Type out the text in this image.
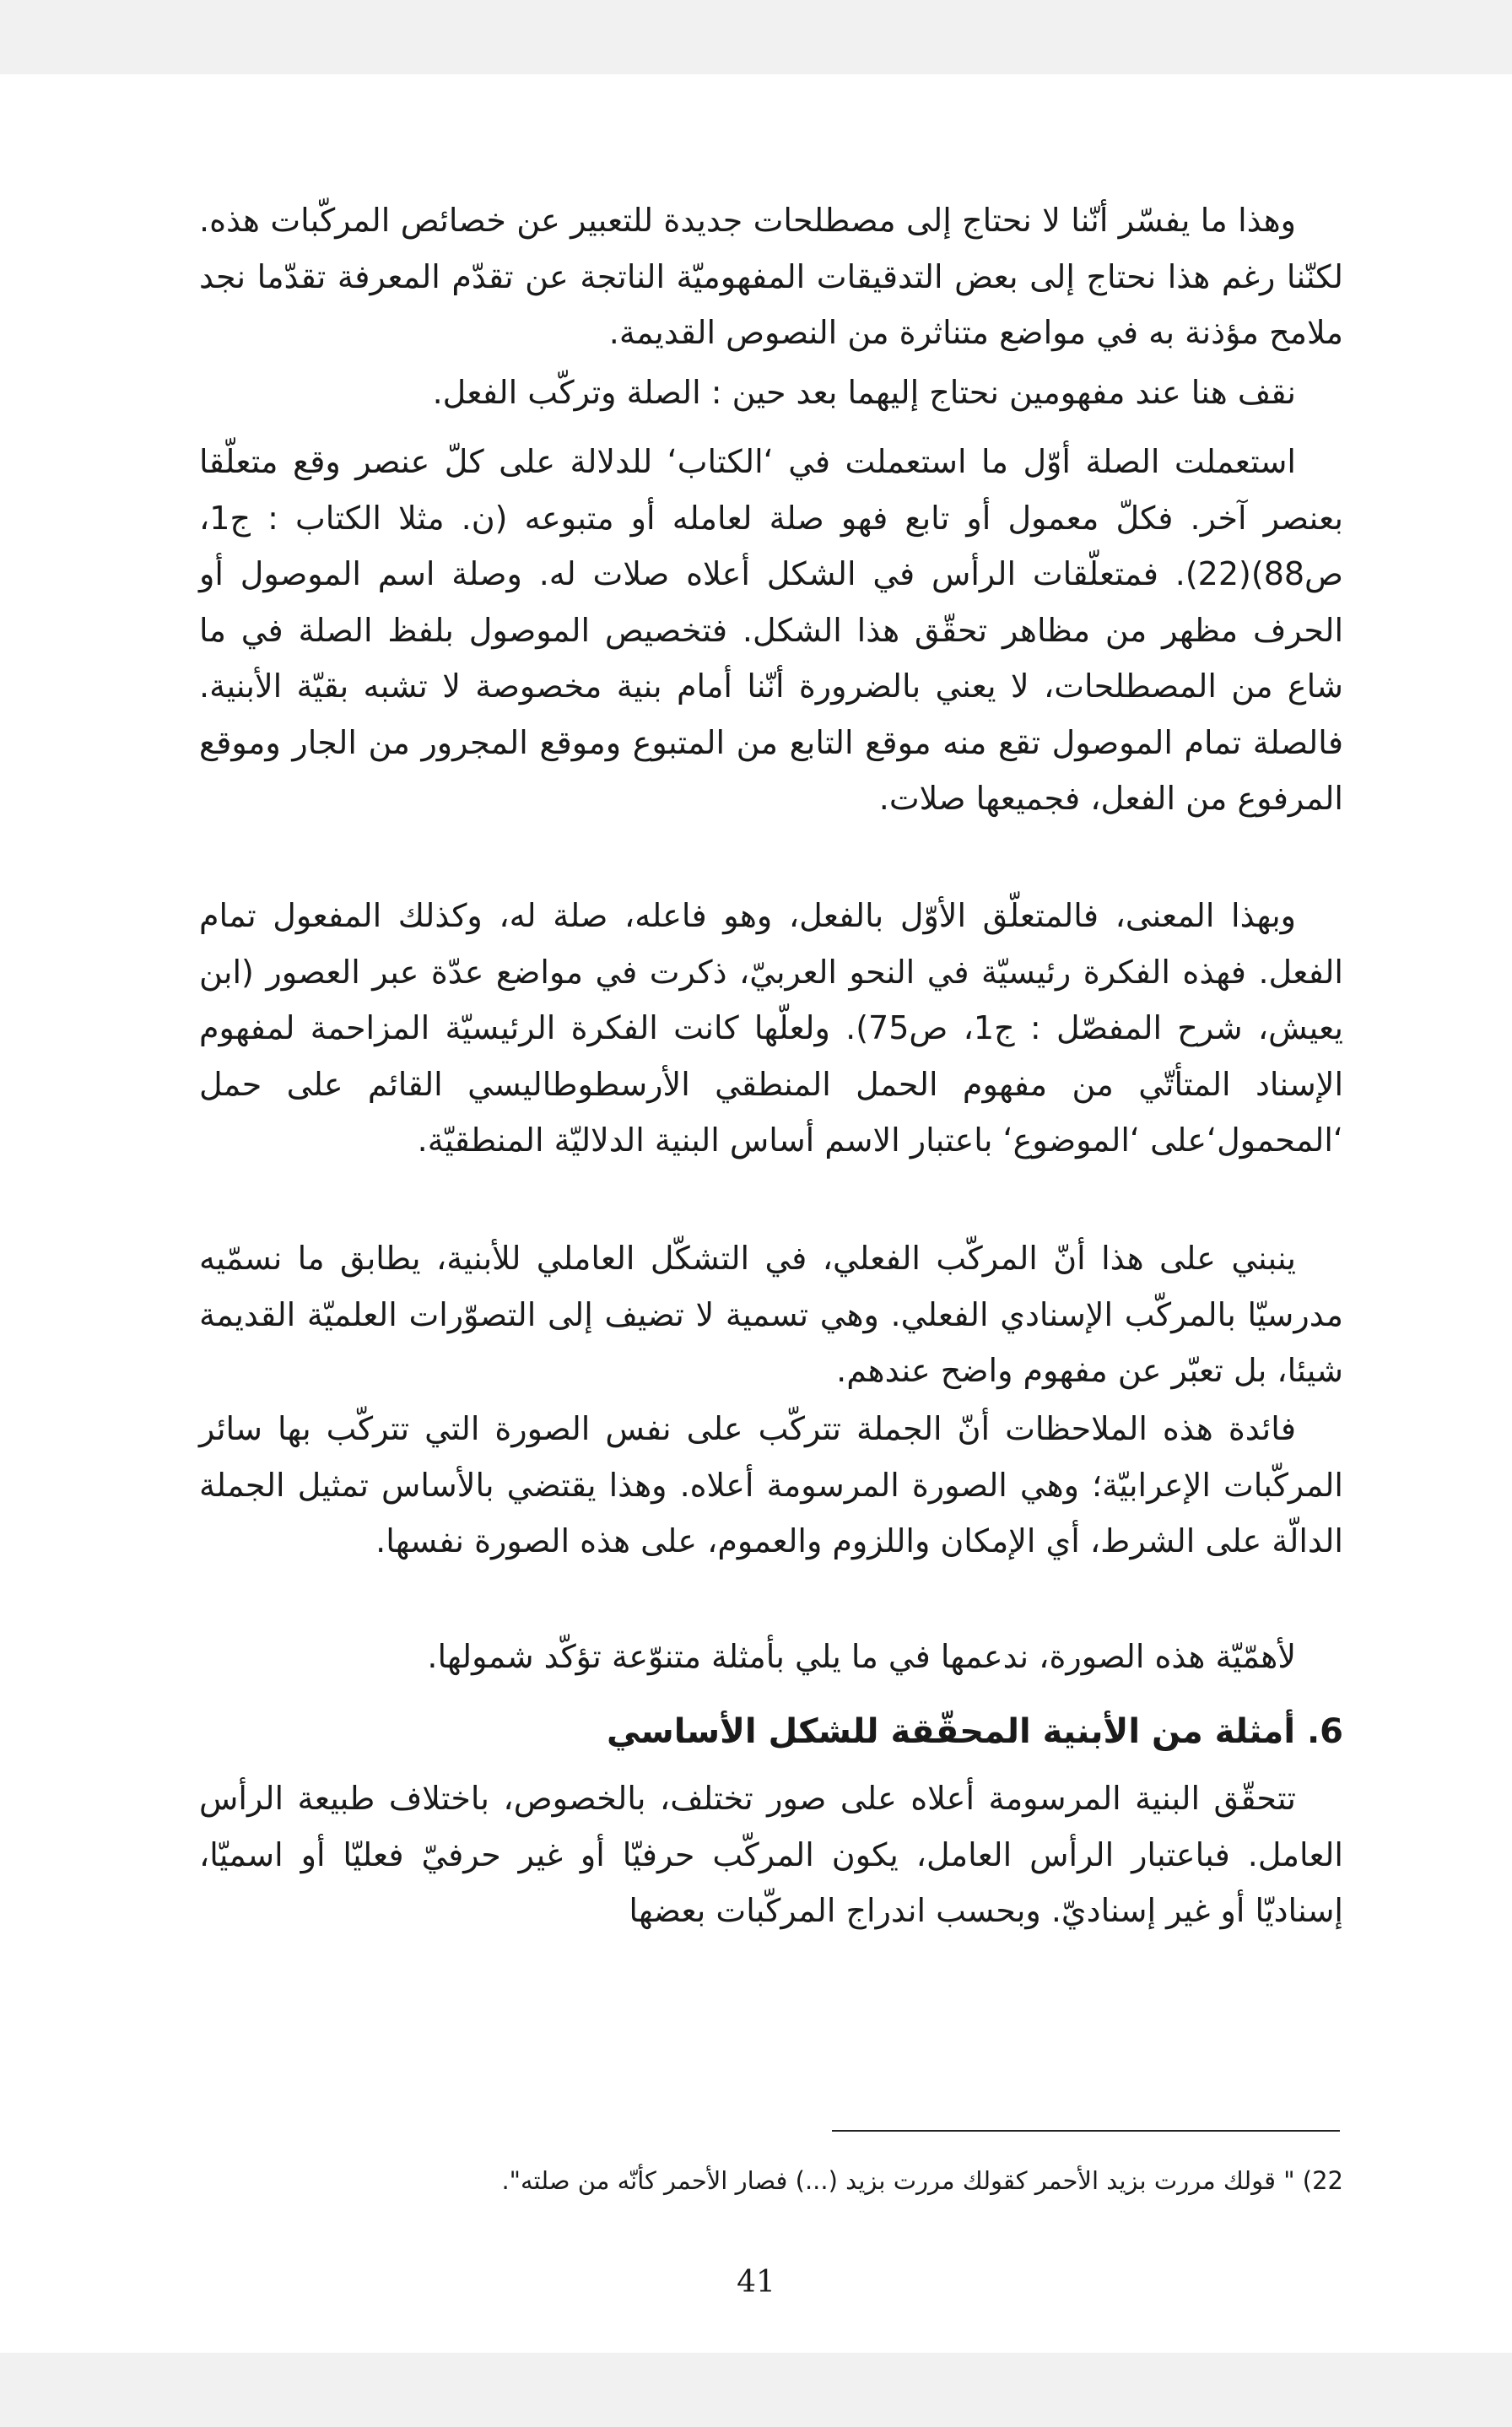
وهذا ما يفسّر أنّنا لا نحتاج إلى مصطلحات جديدة للتعبير عن خصائص المركّبات هذه. لكنّنا رغم هذا نحتاج إلى بعض التدقيقات المفهوميّة الناتجة عن تقدّم المعرفة تقدّما نجد ملامح مؤذنة به في مواضع متناثرة من النصوص القديمة.

نقف هنا عند مفهومين نحتاج إليهما بعد حين : الصلة وتركّب الفعل.

استعملت الصلة أوّل ما استعملت في ‘الكتاب‘ للدلالة على كلّ عنصر وقع متعلّقا بعنصر آخر. فكلّ معمول أو تابع فهو صلة لعامله أو متبوعه (ن. مثلا الكتاب : ج1، ص88)(22). فمتعلّقات الرأس في الشكل أعلاه صلات له. وصلة اسم الموصول أو الحرف مظهر من مظاهر تحقّق هذا الشكل. فتخصيص الموصول بلفظ الصلة في ما شاع من المصطلحات، لا يعني بالضرورة أنّنا أمام بنية مخصوصة لا تشبه بقيّة الأبنية. فالصلة تمام الموصول تقع منه موقع التابع من المتبوع وموقع المجرور من الجار وموقع المرفوع من الفعل، فجميعها صلات.

وبهذا المعنى، فالمتعلّق الأوّل بالفعل، وهو فاعله، صلة له، وكذلك المفعول تمام الفعل. فهذه الفكرة رئيسيّة في النحو العربيّ، ذكرت في مواضع عدّة عبر العصور (ابن يعيش، شرح المفصّل : ج1، ص75). ولعلّها كانت الفكرة الرئيسيّة المزاحمة لمفهوم الإسناد المتأتّي من مفهوم الحمل المنطقي الأرسطوطاليسي القائم على حمل ‘المحمول‘على ‘الموضوع‘ باعتبار الاسم أساس البنية الدلاليّة المنطقيّة.

ينبني على هذا أنّ المركّب الفعلي، في التشكّل العاملي للأبنية، يطابق ما نسمّيه مدرسيّا بالمركّب الإسنادي الفعلي. وهي تسمية لا تضيف إلى التصوّرات العلميّة القديمة شيئا، بل تعبّر عن مفهوم واضح عندهم.

فائدة هذه الملاحظات أنّ الجملة تتركّب على نفس الصورة التي تتركّب بها سائر المركّبات الإعرابيّة؛ وهي الصورة المرسومة أعلاه. وهذا يقتضي بالأساس تمثيل الجملة الدالّة على الشرط، أي الإمكان واللزوم والعموم، على هذه الصورة نفسها.

لأهمّيّة هذه الصورة، ندعمها في ما يلي بأمثلة متنوّعة تؤكّد شمولها.

6. أمثلة من الأبنية المحقّقة للشكل الأساسي

تتحقّق البنية المرسومة أعلاه على صور تختلف، بالخصوص، باختلاف طبيعة الرأس العامل. فباعتبار الرأس العامل، يكون المركّب حرفيّا أو غير حرفيّ فعليّا أو اسميّا، إسناديّا أو غير إسناديّ. وبحسب اندراج المركّبات بعضها

22) " قولك مررت بزيد الأحمر كقولك مررت بزيد (...) فصار الأحمر كأنّه من صلته".

41
